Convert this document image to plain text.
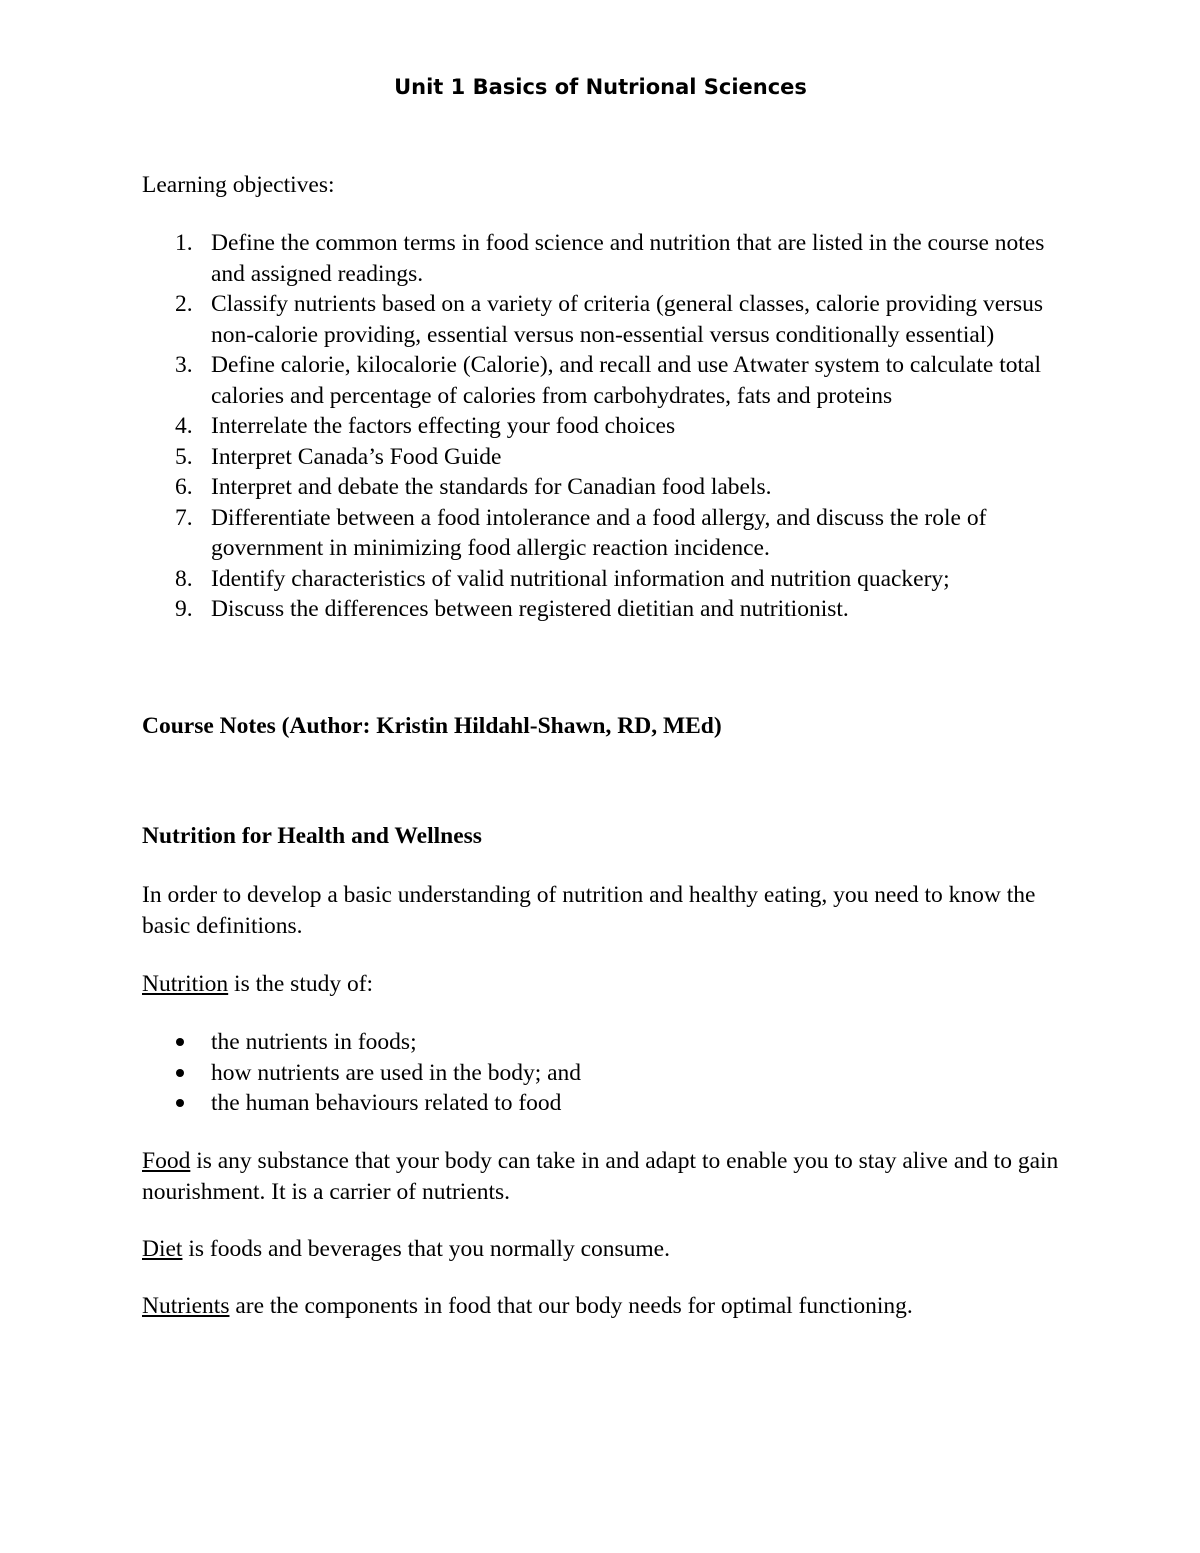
Unit 1 Basics of Nutrional Sciences

Learning objectives:

1. Define the common terms in food science and nutrition that are listed in the course notes and assigned readings.
2. Classify nutrients based on a variety of criteria (general classes, calorie providing versus non-calorie providing, essential versus non-essential versus conditionally essential)
3. Define calorie, kilocalorie (Calorie), and recall and use Atwater system to calculate total calories and percentage of calories from carbohydrates, fats and proteins
4. Interrelate the factors effecting your food choices
5. Interpret Canada’s Food Guide
6. Interpret and debate the standards for Canadian food labels.
7. Differentiate between a food intolerance and a food allergy, and discuss the role of government in minimizing food allergic reaction incidence.
8. Identify characteristics of valid nutritional information and nutrition quackery;
9. Discuss the differences between registered dietitian and nutritionist.

Course Notes (Author: Kristin Hildahl-Shawn, RD, MEd)

Nutrition for Health and Wellness

In order to develop a basic understanding of nutrition and healthy eating, you need to know the basic definitions.

Nutrition is the study of:

the nutrients in foods;
how nutrients are used in the body; and
the human behaviours related to food

Food is any substance that your body can take in and adapt to enable you to stay alive and to gain nourishment. It is a carrier of nutrients.

Diet is foods and beverages that you normally consume.

Nutrients are the components in food that our body needs for optimal functioning.
